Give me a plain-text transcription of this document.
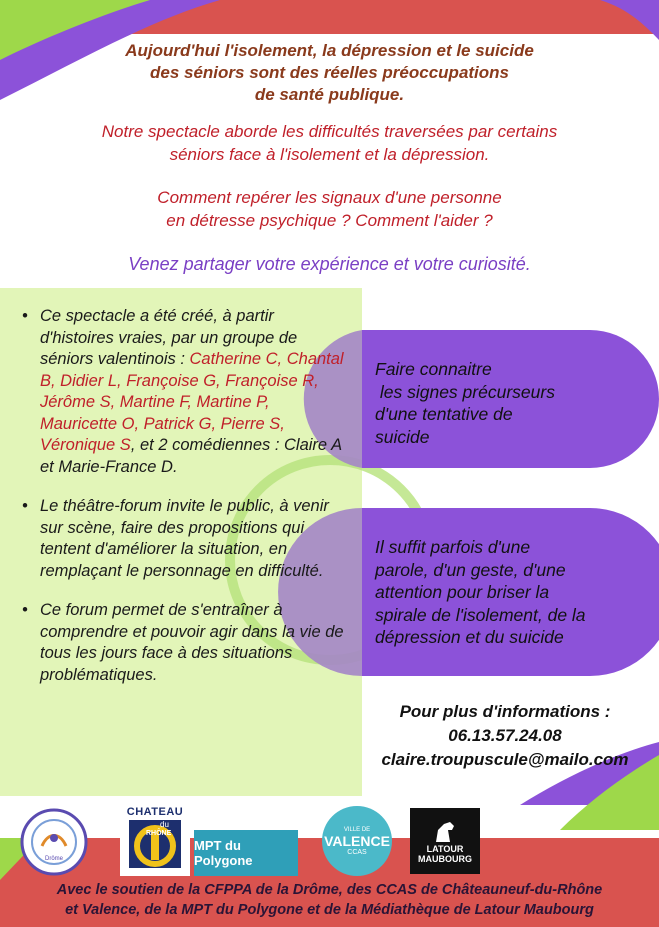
Aujourd'hui l'isolement, la dépression et le suicide

des séniors sont des réelles préoccupations

de santé publique.

Notre spectacle aborde les difficultés traversées par certains

séniors face à l'isolement et la dépression.

Comment repérer les signaux d'une personne

en détresse psychique ? Comment l'aider ?

Venez partager votre expérience et votre curiosité.
• Ce spectacle a été créé, à partir d'histoires vraies, par un groupe de séniors valentinois : Catherine C, Chantal B, Didier L, Françoise G, Françoise R, Jérôme S, Martine F, Martine P, Mauricette O, Patrick G, Pierre S, Véronique S, et 2 comédiennes : Claire A et Marie-France D.
• Le théâtre-forum invite le public, à venir sur scène, faire des propositions qui tentent d'améliorer la situation, en remplaçant le personnage en difficulté.
• Ce forum permet de s'entraîner à comprendre et pouvoir agir dans la vie de tous les jours face à des situations problématiques.
Faire connaitre
les signes précurseurs
d'une tentative de
suicide
Il suffit parfois d'une
parole, d'un geste, d'une
attention pour briser la
spirale de l'isolement, de la
dépression et du suicide

Pour plus d'informations :

06.13.57.24.08

claire.troupuscule@mailo.com

Drôme
CHATEAU
du
RHÔNE
MPT du Polygone
VILLE DE
VALENCE
CCAS	LATOUR
MAUBOURG

Avec le soutien de la CFPPA de la Drôme, des CCAS de Châteauneuf-du-Rhône

et Valence, de la MPT du Polygone et de la Médiathèque de Latour Maubourg
